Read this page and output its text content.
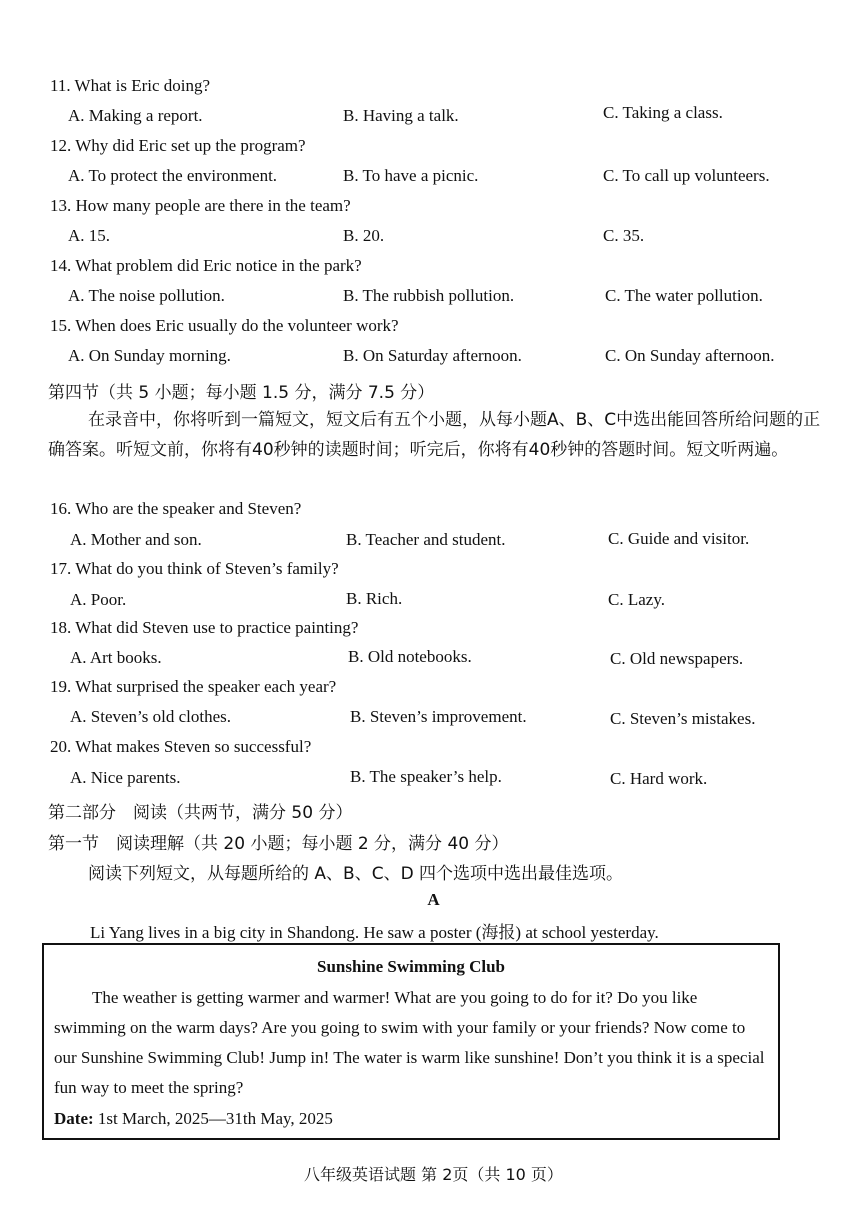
11. What is Eric doing?
A. Making a report.	B. Having a talk.	C. Taking a class.
12. Why did Eric set up the program?
A. To protect the environment.	B. To have a picnic.	C. To call up volunteers.
13. How many people are there in the team?
A. 15.	B. 20.	C. 35.
14. What problem did Eric notice in the park?
A. The noise pollution.	B. The rubbish pollution.	C. The water pollution.
15. When does Eric usually do the volunteer work?
A. On Sunday morning.	B. On Saturday afternoon.	C. On Sunday afternoon.
第四节（共 5 小题；每小题 1.5 分，满分 7.5 分）
在录音中，你将听到一篇短文，短文后有五个小题，从每小题A、B、C中选出能回答所给问题的正确答案。听短文前，你将有40秒钟的读题时间；听完后，你将有40秒钟的答题时间。短文听两遍。
16. Who are the speaker and Steven?
A. Mother and son.	B. Teacher and student.	C. Guide and visitor.
17. What do you think of Steven’s family?
A. Poor.	B. Rich.	C. Lazy.
18. What did Steven use to practice painting?
A. Art books.	B. Old notebooks.	C. Old newspapers.
19. What surprised the speaker each year?
A. Steven’s old clothes.	B. Steven’s improvement.	C. Steven’s mistakes.
20. What makes Steven so successful?
A. Nice parents.	B. The speaker’s help.	C. Hard work.
第二部分　阅读（共两节，满分 50 分）
第一节　阅读理解（共 20 小题；每小题 2 分，满分 40 分）
阅读下列短文，从每题所给的 A、B、C、D 四个选项中选出最佳选项。
A
Li Yang lives in a big city in Shandong. He saw a poster (海报) at school yesterday.
Sunshine Swimming Club
The weather is getting warmer and warmer! What are you going to do for it? Do you like swimming on the warm days? Are you going to swim with your family or your friends? Now come to our Sunshine Swimming Club! Jump in! The water is warm like sunshine! Don’t you think it is a special fun way to meet the spring?
Date: 1st March, 2025—31th May, 2025
八年级英语试题 第 2页（共 10 页）
